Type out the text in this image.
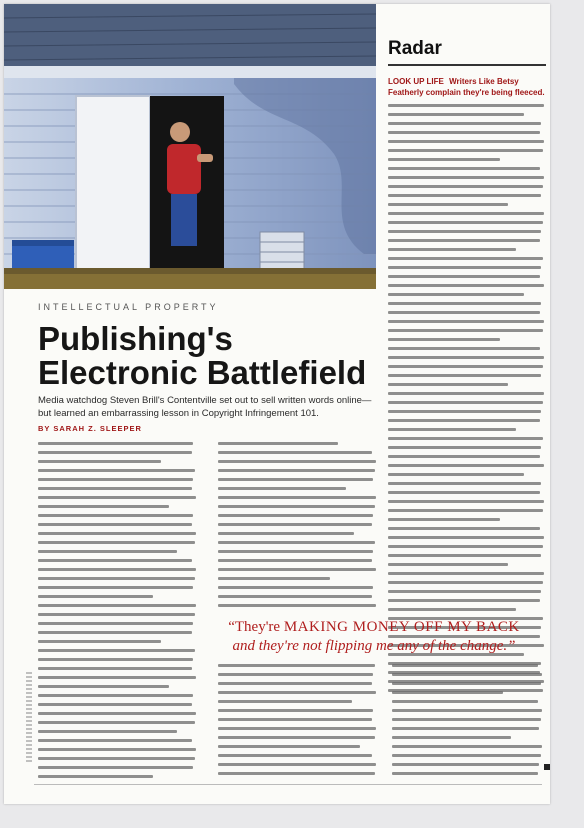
Radar
LOOK UP LIFE Writers Like Betsy Featherly complain they're being fleeced.
INTELLECTUAL PROPERTY
Publishing's
Electronic Battlefield
Media watchdog Steven Brill's Contentville set out to sell written words online—but learned an embarrassing lesson in Copyright Infringement 101.
BY SARAH Z. SLEEPER
“They're MAKING MONEY OFF MY BACK
and they're not flipping me any of the change.”
